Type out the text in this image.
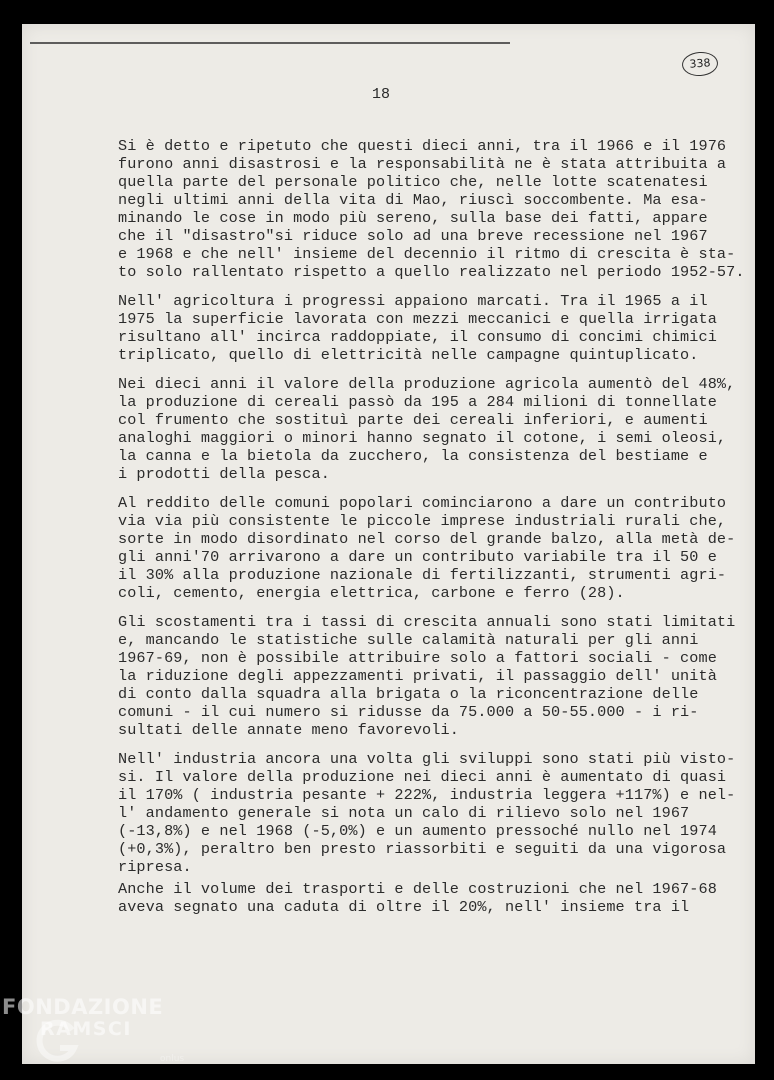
338
18
Si è detto e ripetuto che questi dieci anni, tra il 1966 e il 1976
furono anni disastrosi e la responsabilità ne è stata attribuita a
quella parte del personale politico che, nelle lotte scatenatesi
negli ultimi anni della vita di Mao, riuscì soccombente. Ma esa-
minando le cose in modo più sereno, sulla base dei fatti, appare
che il "disastro"si riduce solo ad una breve recessione nel 1967
e 1968 e che nell' insieme del decennio il ritmo di crescita è sta-
to solo rallentato rispetto a quello realizzato nel periodo 1952-57.
Nell' agricoltura i progressi appaiono marcati. Tra il 1965 a il
1975 la superficie lavorata con mezzi meccanici e quella irrigata
risultano all' incirca raddoppiate, il consumo di concimi chimici
triplicato, quello di elettricità nelle campagne quintuplicato.
Nei dieci anni il valore della produzione agricola aumentò del 48%,
la produzione di cereali passò da 195 a 284 milioni di tonnellate
col frumento che sostituì parte dei cereali inferiori, e aumenti
analoghi maggiori o minori hanno segnato il cotone, i semi oleosi,
la canna e la bietola da zucchero, la consistenza del bestiame e
i prodotti della pesca.
Al reddito delle comuni popolari cominciarono a dare un contributo
via via più consistente le piccole imprese industriali rurali che,
sorte in modo disordinato nel corso del grande balzo, alla metà de-
gli anni'70 arrivarono a dare un contributo variabile tra il 50 e
il 30% alla produzione nazionale di fertilizzanti, strumenti agri-
coli, cemento, energia elettrica, carbone e ferro (28).
Gli scostamenti tra i tassi di crescita annuali sono stati limitati
e, mancando le statistiche sulle calamità naturali per gli anni
1967-69, non è possibile attribuire solo a fattori sociali - come
la riduzione degli appezzamenti privati, il passaggio dell' unità
di conto dalla squadra alla brigata o la riconcentrazione delle
comuni - il cui numero si ridusse da 75.000 a 50-55.000 - i ri-
sultati delle annate meno favorevoli.
Nell' industria ancora una volta gli sviluppi sono stati più visto-
si. Il valore della produzione nei dieci anni è aumentato di quasi
il 170% ( industria pesante + 222%, industria leggera +117%) e nel-
l' andamento generale si nota un calo di rilievo solo nel 1967
(-13,8%) e nel 1968 (-5,0%) e un aumento pressoché nullo nel 1974
(+0,3%), peraltro ben presto riassorbiti e seguiti da una vigorosa
ripresa.
Anche il volume dei trasporti e delle costruzioni che nel 1967-68
aveva segnato una caduta di oltre il 20%, nell' insieme tra il
FONDAZIONE
RAMSCI
onlus
